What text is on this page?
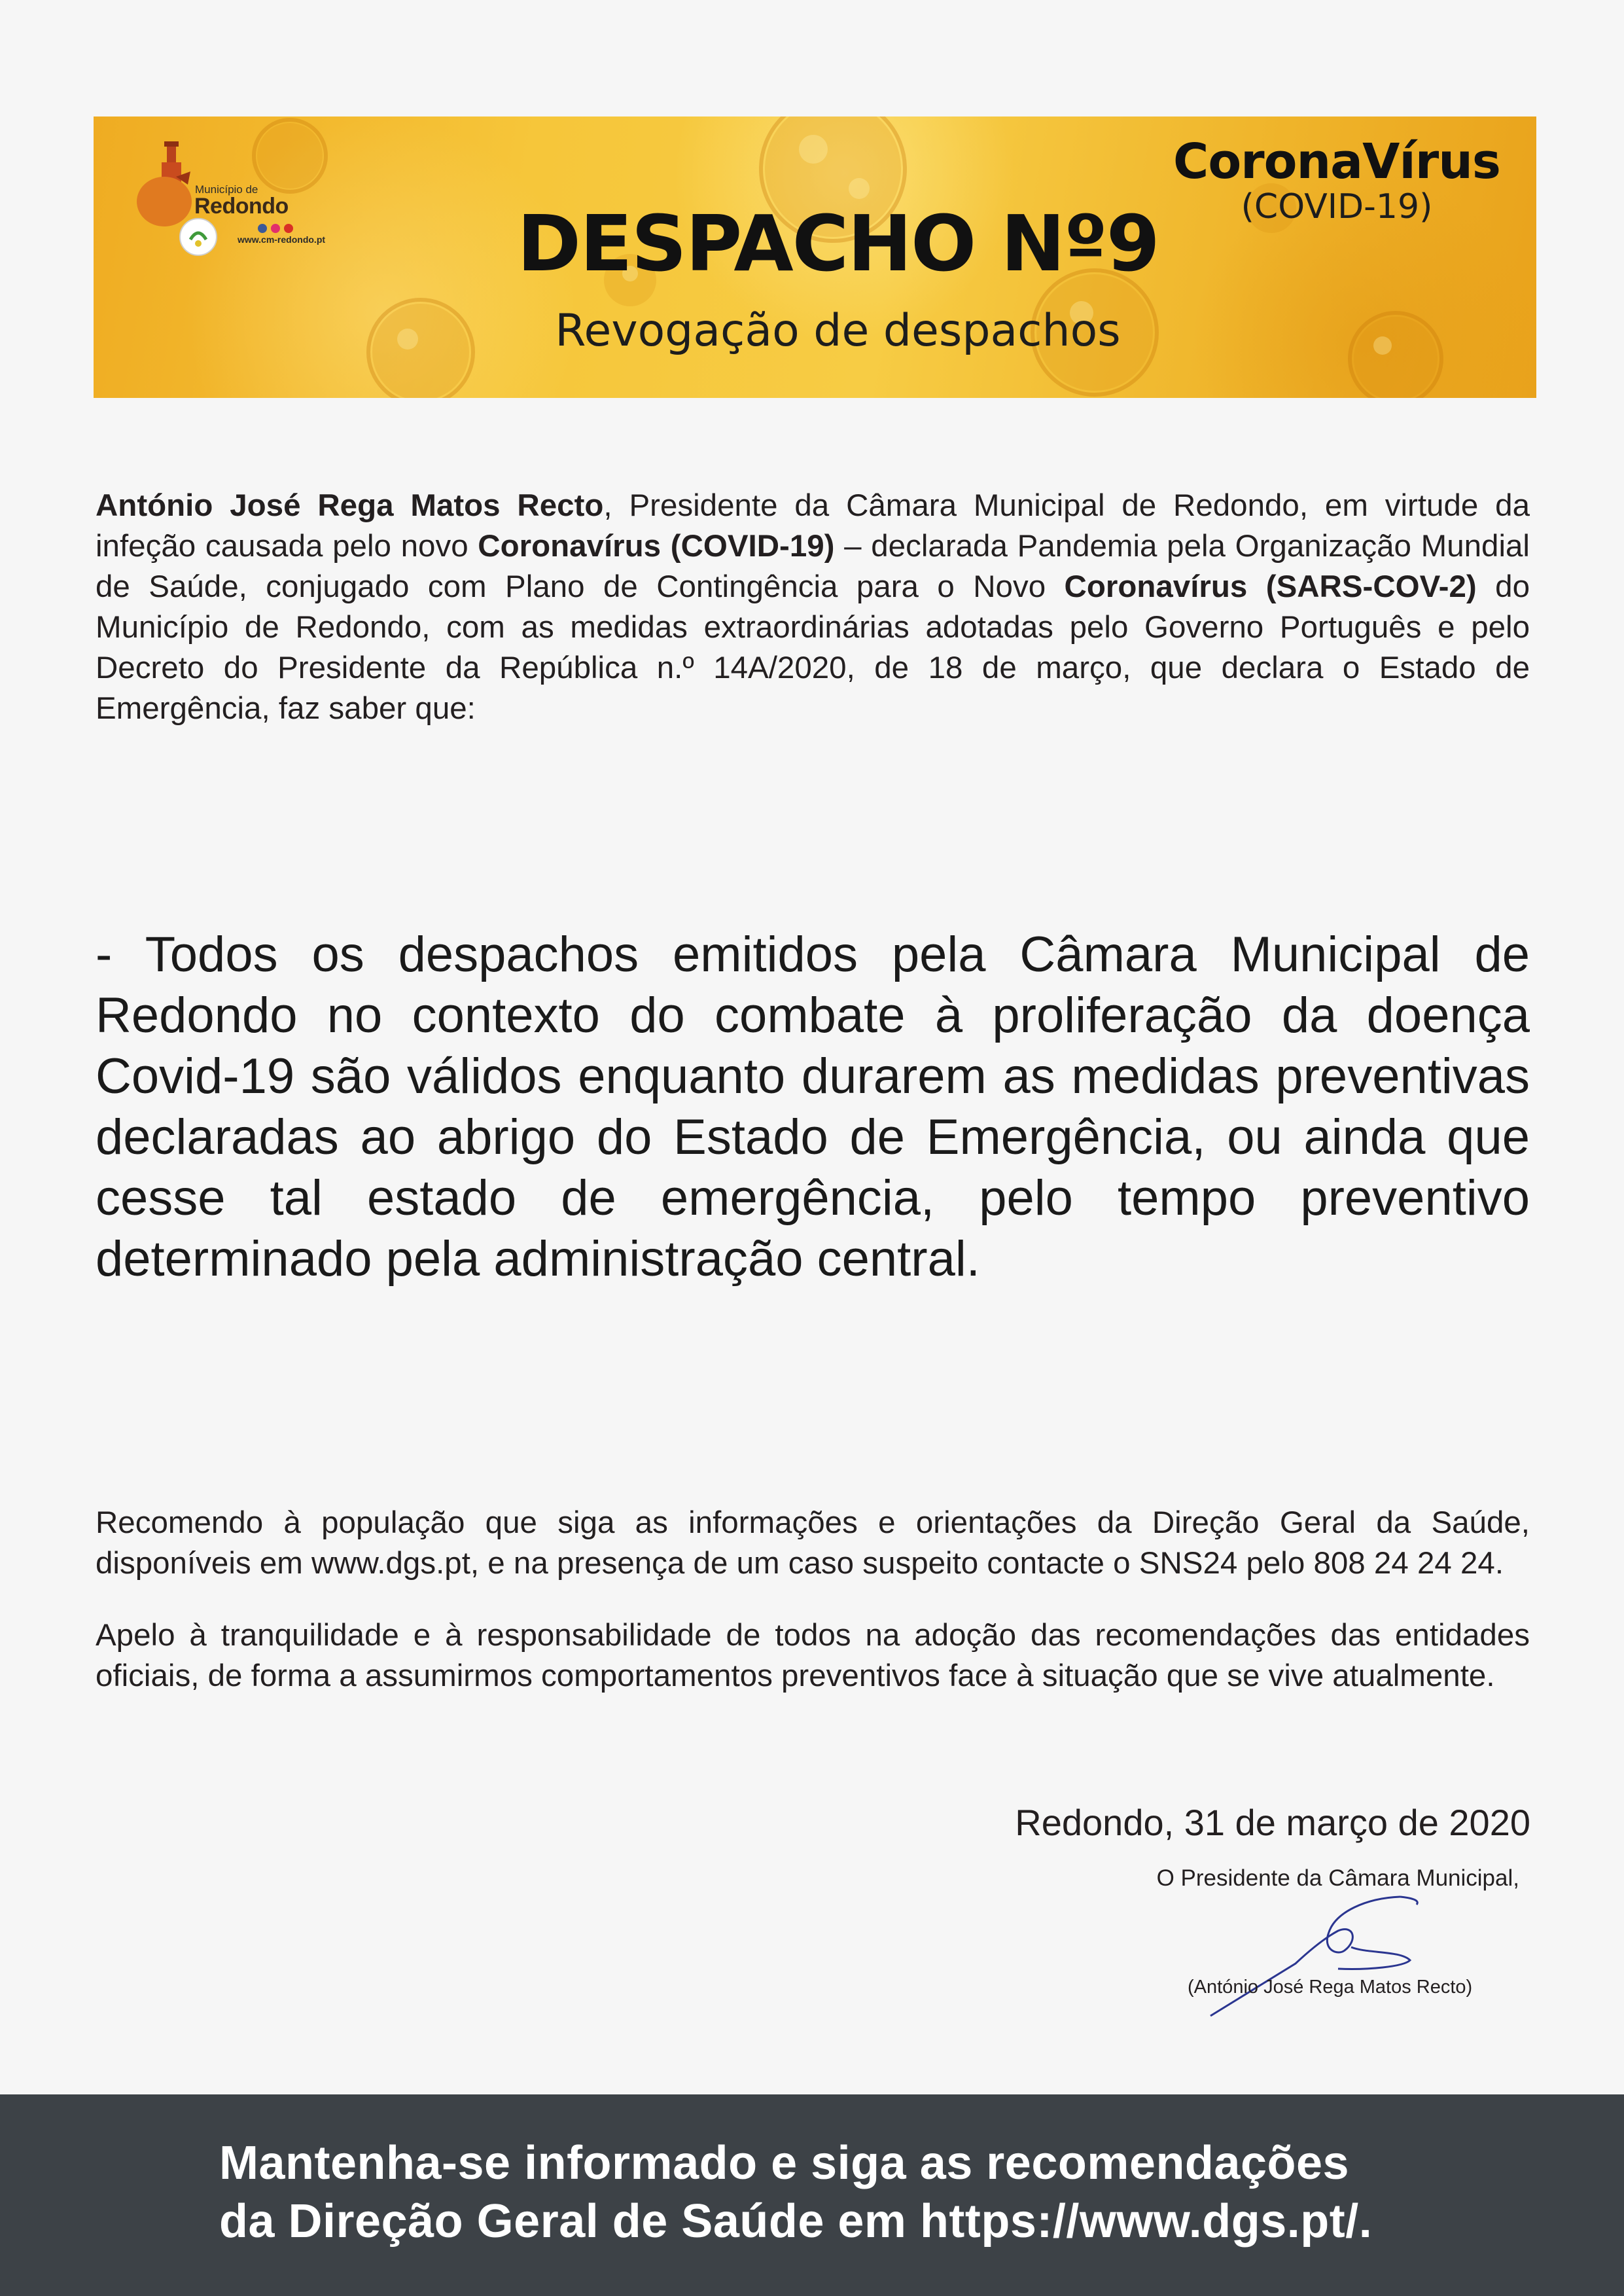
Município de
Redondo
www.cm-redondo.pt	DESPACHO Nº9
Revogação de despachos
CoronaVírus
(COVID-19)
António José Rega Matos Recto, Presidente da Câmara Municipal de Redondo, em virtude da infeção causada pelo novo Coronavírus (COVID-19) – declarada Pandemia pela Organização Mundial de Saúde, conjugado com Plano de Contingência para o Novo Coronavírus (SARS-COV-2) do Município de Redondo, com as medidas extraordinárias adotadas pelo Governo Português e pelo Decreto do Presidente da República n.º 14A/2020, de 18 de março, que declara o Estado de Emergência, faz saber que:
- Todos os despachos emitidos pela Câmara Municipal de Redondo no contexto do combate à proliferação da doença Covid-19 são válidos enquanto durarem as medidas preventivas declaradas ao abrigo do Estado de Emergência, ou ainda que cesse tal estado de emergência, pelo tempo preventivo determinado pela administração central.
Recomendo à população que siga as informações e orientações da Direção Geral da Saúde, disponíveis em www.dgs.pt, e na presença de um caso suspeito contacte o SNS24 pelo 808 24 24 24.
Apelo à tranquilidade e à responsabilidade de todos na adoção das recomendações das entidades oficiais, de forma a assumirmos comportamentos preventivos face à situação que se vive atualmente.
Redondo, 31 de março de 2020
O Presidente da Câmara Municipal,
(António José Rega Matos Recto)
Mantenha-se informado e siga as recomendações
da Direção Geral de Saúde em https://www.dgs.pt/.
